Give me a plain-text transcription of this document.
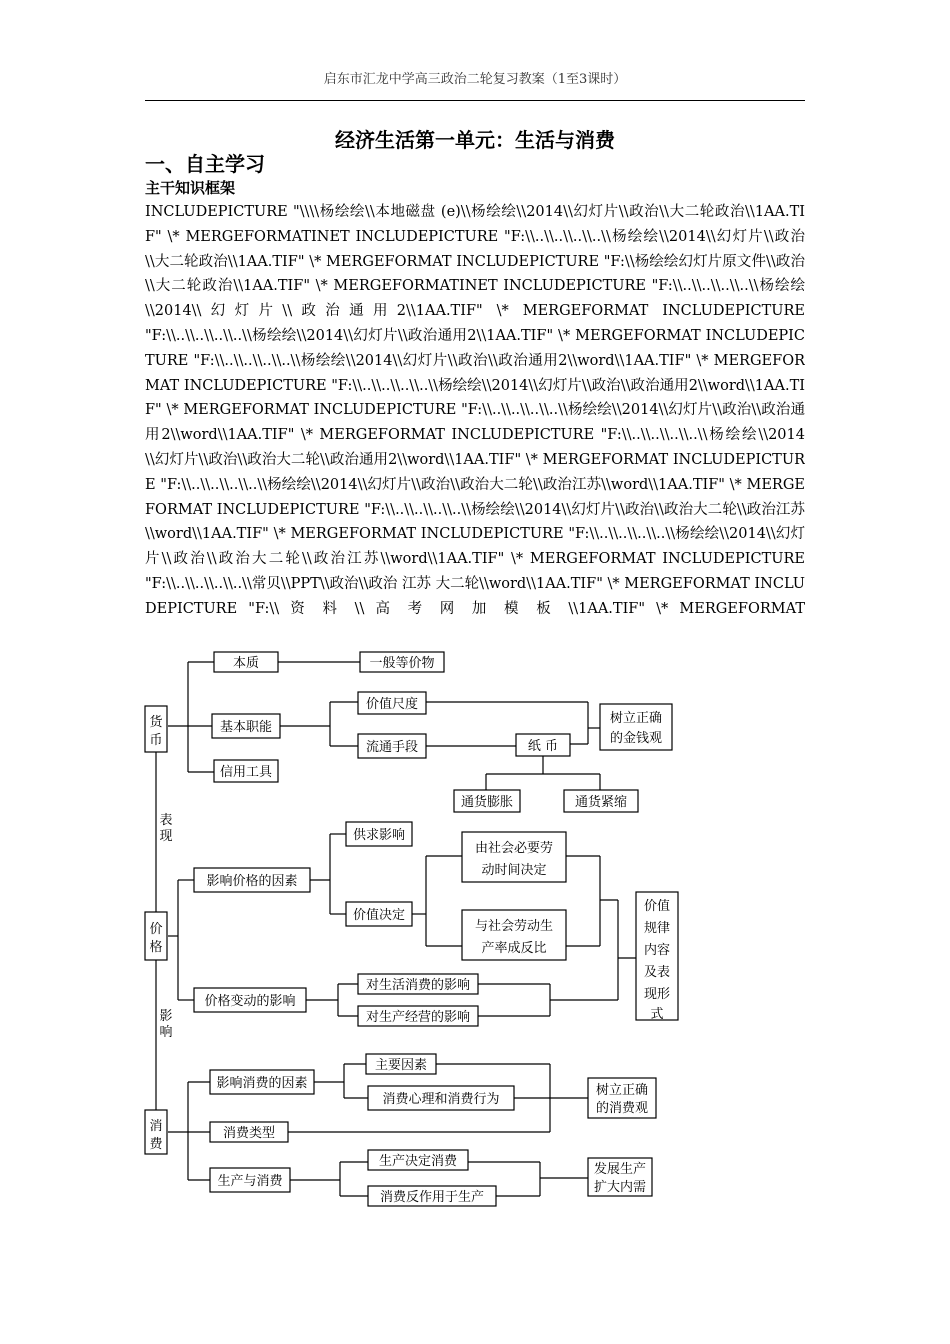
启东市汇龙中学高三政治二轮复习教案（1至3课时）
经济生活第一单元：生活与消费
一、自主学习
主干知识框架
INCLUDEPICTURE "\\\\杨绘绘\\本地磁盘 (e)\\杨绘绘\\2014\\幻灯片\\政治\\大二轮政治\\1AA.TIF" \* MERGEFORMATINET INCLUDEPICTURE "F:\\..\\..\\..\\..\\杨绘绘\\2014\\幻灯片\\政治\\大二轮政治\\1AA.TIF" \* MERGEFORMAT INCLUDEPICTURE "F:\\杨绘绘幻灯片原文件\\政治\\大二轮政治\\1AA.TIF" \* MERGEFORMATINET INCLUDEPICTURE "F:\\..\\..\\..\\..\\杨绘绘\\2014\\幻灯片\\政治通用2\\1AA.TIF" \* MERGEFORMAT INCLUDEPICTURE "F:\\..\\..\\..\\..\\杨绘绘\\2014\\幻灯片\\政治通用2\\1AA.TIF" \* MERGEFORMAT INCLUDEPICTURE "F:\\..\\..\\..\\..\\杨绘绘\\2014\\幻灯片\\政治\\政治通用2\\word\\1AA.TIF" \* MERGEFORMAT INCLUDEPICTURE "F:\\..\\..\\..\\..\\杨绘绘\\2014\\幻灯片\\政治\\政治通用2\\word\\1AA.TIF" \* MERGEFORMAT INCLUDEPICTURE "F:\\..\\..\\..\\..\\杨绘绘\\2014\\幻灯片\\政治\\政治通用2\\word\\1AA.TIF" \* MERGEFORMAT INCLUDEPICTURE "F:\\..\\..\\..\\..\\杨绘绘\\2014\\幻灯片\\政治\\政治大二轮\\政治通用2\\word\\1AA.TIF" \* MERGEFORMAT INCLUDEPICTURE "F:\\..\\..\\..\\..\\杨绘绘\\2014\\幻灯片\\政治\\政治大二轮\\政治江苏\\word\\1AA.TIF" \* MERGEFORMAT INCLUDEPICTURE "F:\\..\\..\\..\\..\\杨绘绘\\2014\\幻灯片\\政治\\政治大二轮\\政治江苏\\word\\1AA.TIF" \* MERGEFORMAT INCLUDEPICTURE "F:\\..\\..\\..\\..\\杨绘绘\\2014\\幻灯片\\政治\\政治大二轮\\政治江苏\\word\\1AA.TIF" \* MERGEFORMAT INCLUDEPICTURE "F:\\..\\..\\..\\..\\常贝\\PPT\\政治\\政治 江苏 大二轮\\word\\1AA.TIF" \* MERGEFORMAT INCLUDEPICTURE "F:\\ 资 料 \\ 高 考 网 加 模 板 \\1AA.TIF" \* MERGEFORMAT
货
币
本质	一般等价物
基本职能
价值尺度
流通手段	纸 币
树立正确
的金钱观
通货膨胀	通货紧缩
信用工具
表
现
价
格
影响价格的因素
供求影响
价值决定
由社会必要劳
动时间决定
与社会劳动生
产率成反比
价值
规律
内容
及表
现形
式
价格变动的影响
对生活消费的影响
对生产经营的影响
影
响
消
费
影响消费的因素
主要因素
消费心理和消费行为
消费类型
树立正确
的消费观
生产与消费
生产决定消费
消费反作用于生产
发展生产
扩大内需
